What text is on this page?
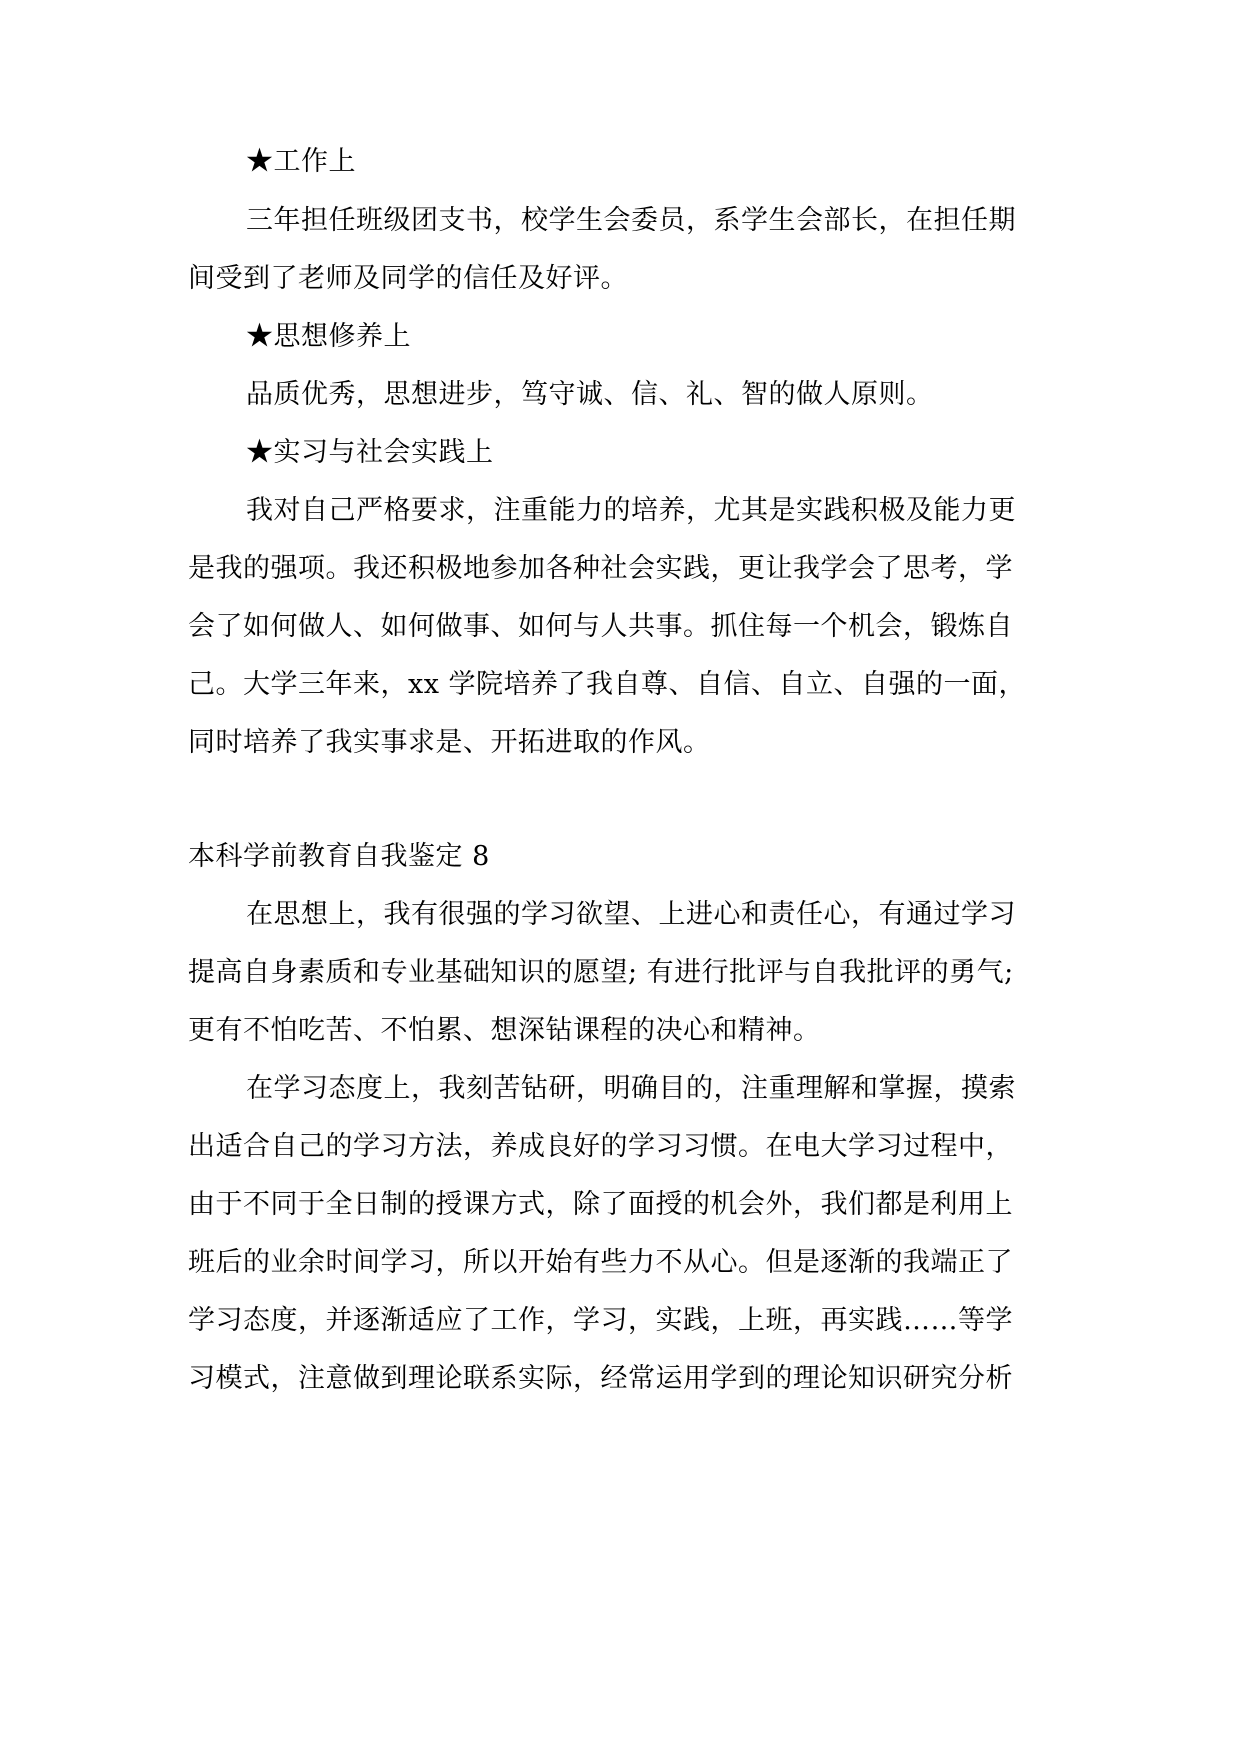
★工作上
三年担任班级团支书，校学生会委员，系学生会部长，在担任期
间受到了老师及同学的信任及好评。
★思想修养上
品质优秀，思想进步，笃守诚、信、礼、智的做人原则。
★实习与社会实践上
我对自己严格要求，注重能力的培养，尤其是实践积极及能力更
是我的强项。我还积极地参加各种社会实践，更让我学会了思考，学
会了如何做人、如何做事、如何与人共事。抓住每一个机会，锻炼自
己。大学三年来，xx 学院培养了我自尊、自信、自立、自强的一面，
同时培养了我实事求是、开拓进取的作风。
本科学前教育自我鉴定 8
在思想上，我有很强的学习欲望、上进心和责任心，有通过学习
提高自身素质和专业基础知识的愿望; 有进行批评与自我批评的勇气;
更有不怕吃苦、不怕累、想深钻课程的决心和精神。
在学习态度上，我刻苦钻研，明确目的，注重理解和掌握，摸索
出适合自己的学习方法，养成良好的学习习惯。在电大学习过程中，
由于不同于全日制的授课方式，除了面授的机会外，我们都是利用上
班后的业余时间学习，所以开始有些力不从心。但是逐渐的我端正了
学习态度，并逐渐适应了工作，学习，实践，上班，再实践……等学
习模式，注意做到理论联系实际，经常运用学到的理论知识研究分析
